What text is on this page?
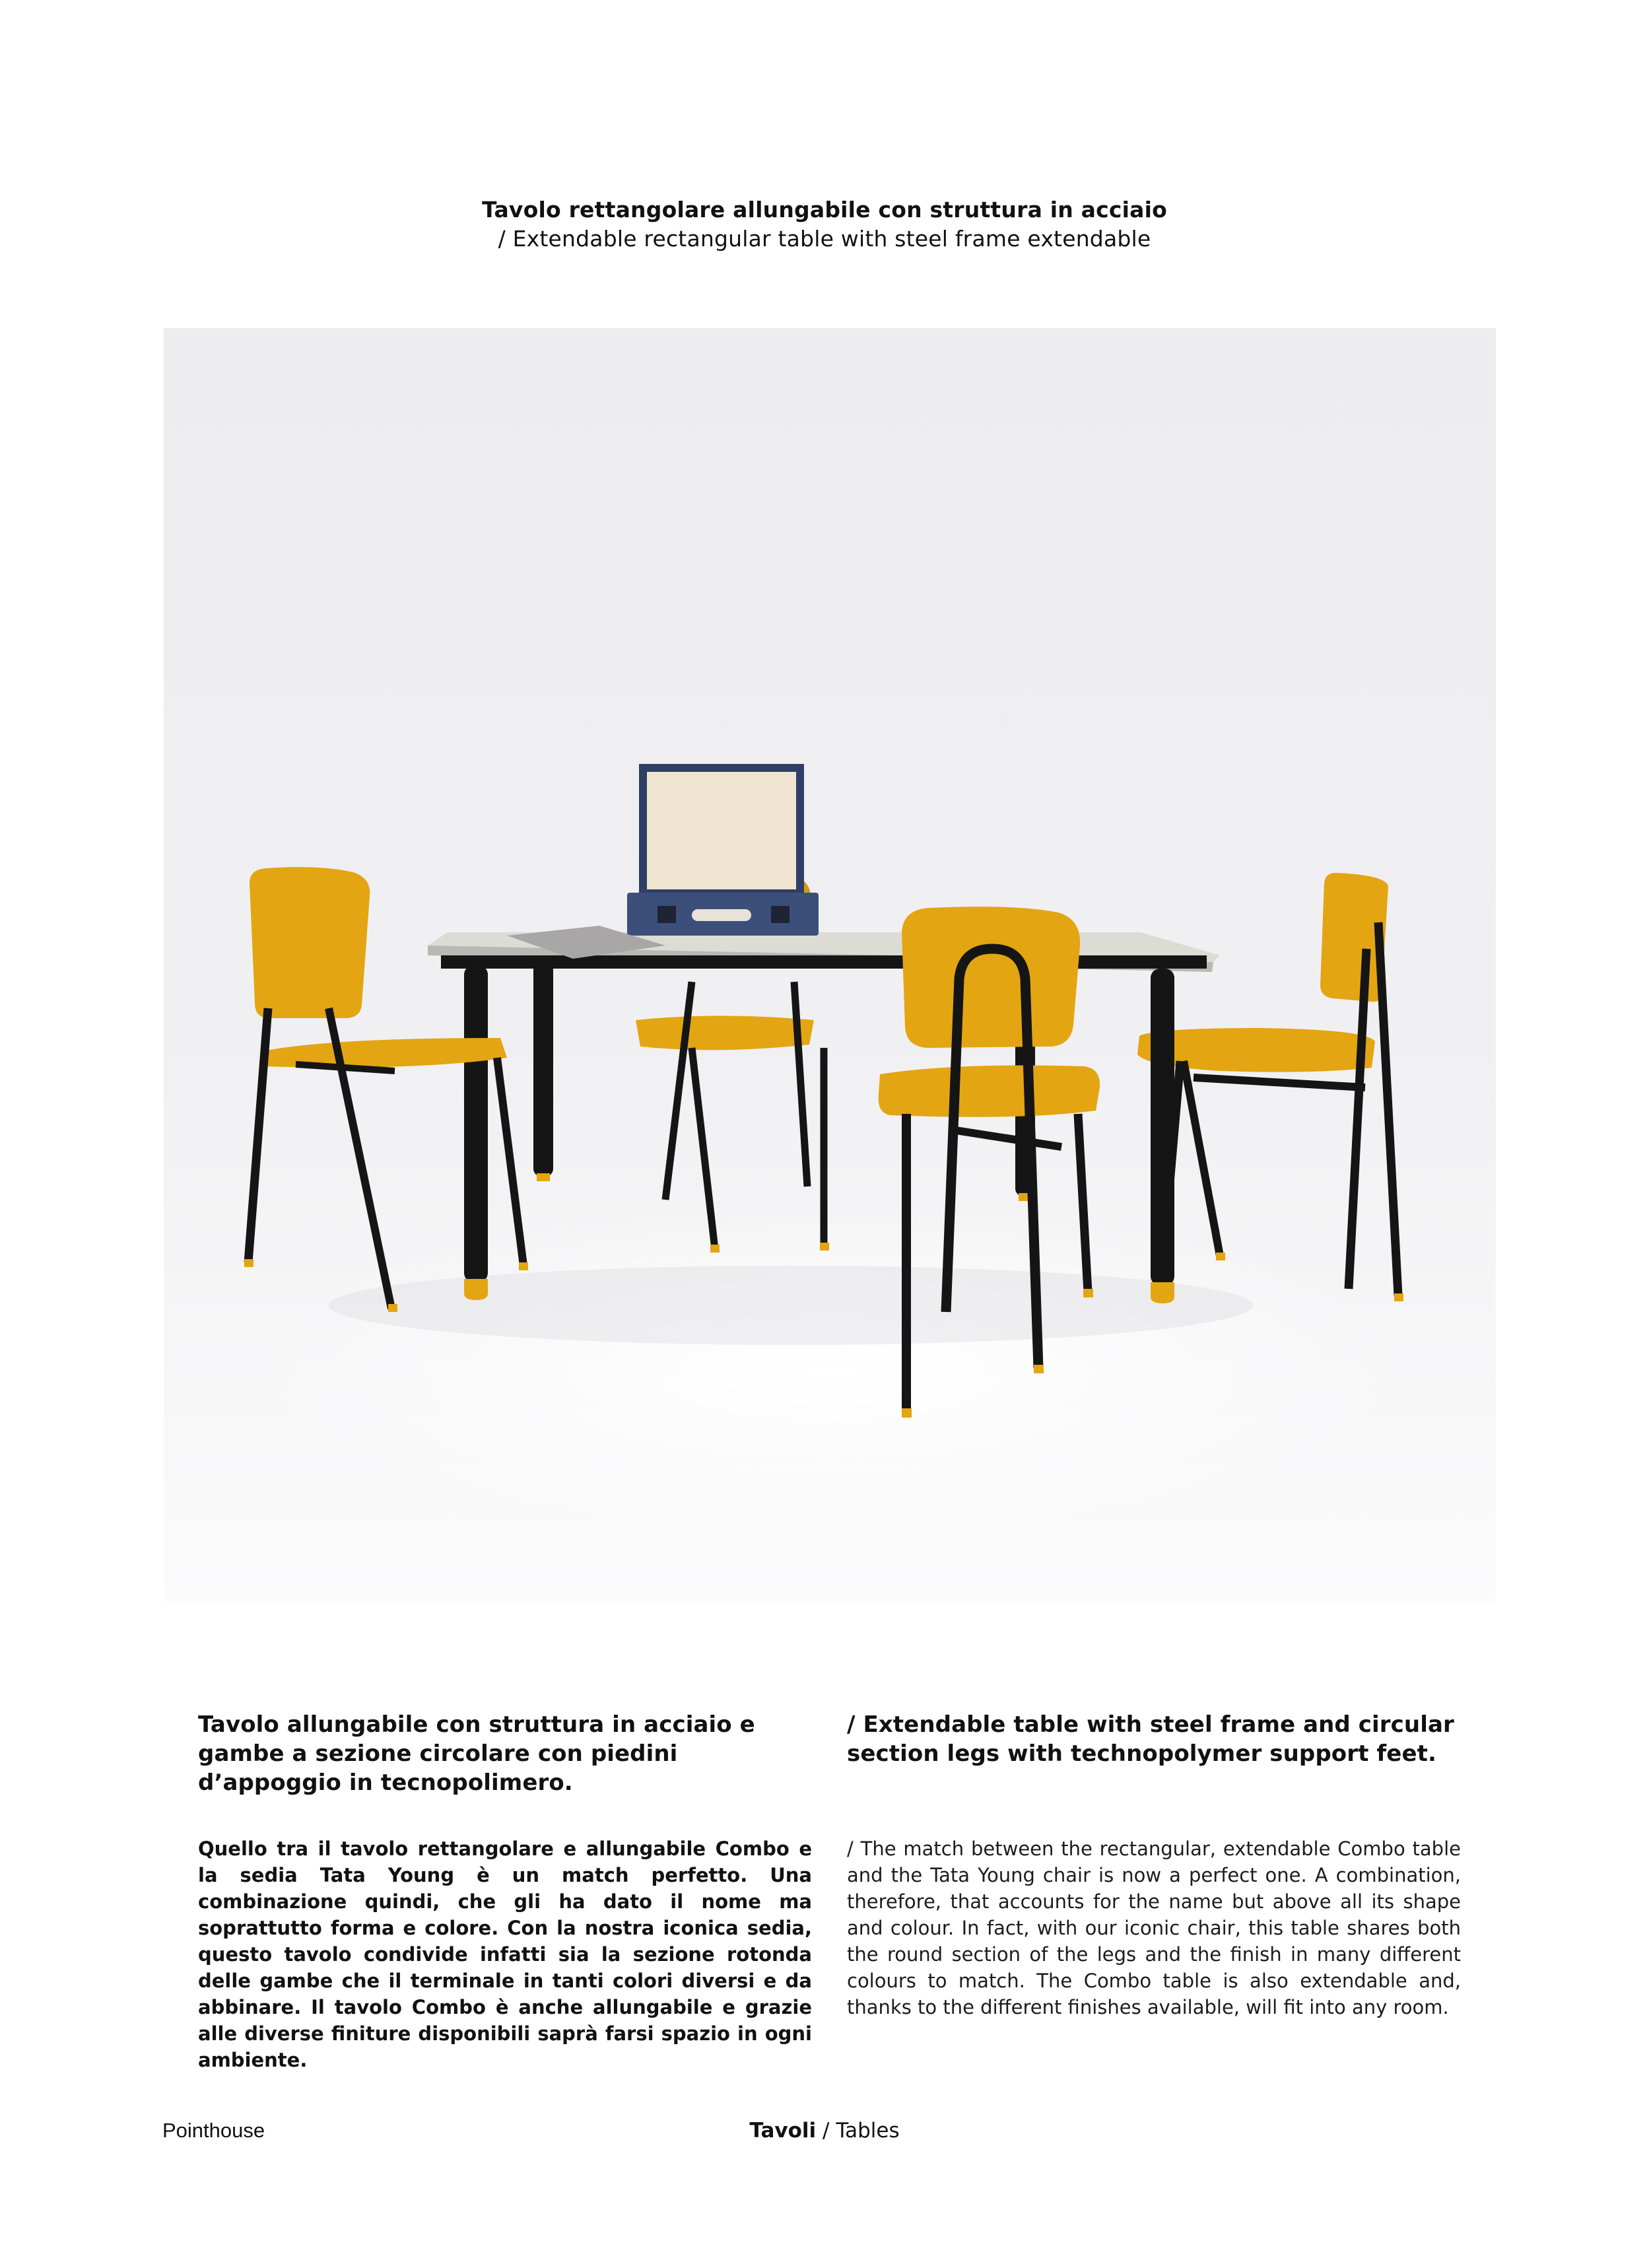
Tavolo rettangolare allungabile con struttura in acciaio
/ Extendable rectangular table with steel frame extendable
Tavolo allungabile con struttura in acciaio e gambe a sezione circolare con piedini d’appoggio in tecnopolimero.

Quello tra il tavolo rettangolare e allungabile Combo e la sedia Tata Young è un match perfetto. Una combinazione quindi, che gli ha dato il nome ma soprattutto forma e colore. Con la nostra iconica sedia, questo tavolo condivide infatti sia la sezione rotonda delle gambe che il terminale in tanti colori diversi e da abbinare. Il tavolo Combo è anche allungabile e grazie alle diverse finiture disponibili saprà farsi spazio in ogni ambiente.

/ Extendable table with steel frame and circular section legs with technopolymer support feet.

/ The match between the rectangular, extendable Combo table and the Tata Young chair is now a perfect one. A combination, therefore, that accounts for the name but above all its shape and colour. In fact, with our iconic chair, this table shares both the round section of the legs and the finish in many different colours to match. The Combo table is also extendable and, thanks to the different finishes available, will fit into any room.

Pointhouse	Tavoli / Tables
